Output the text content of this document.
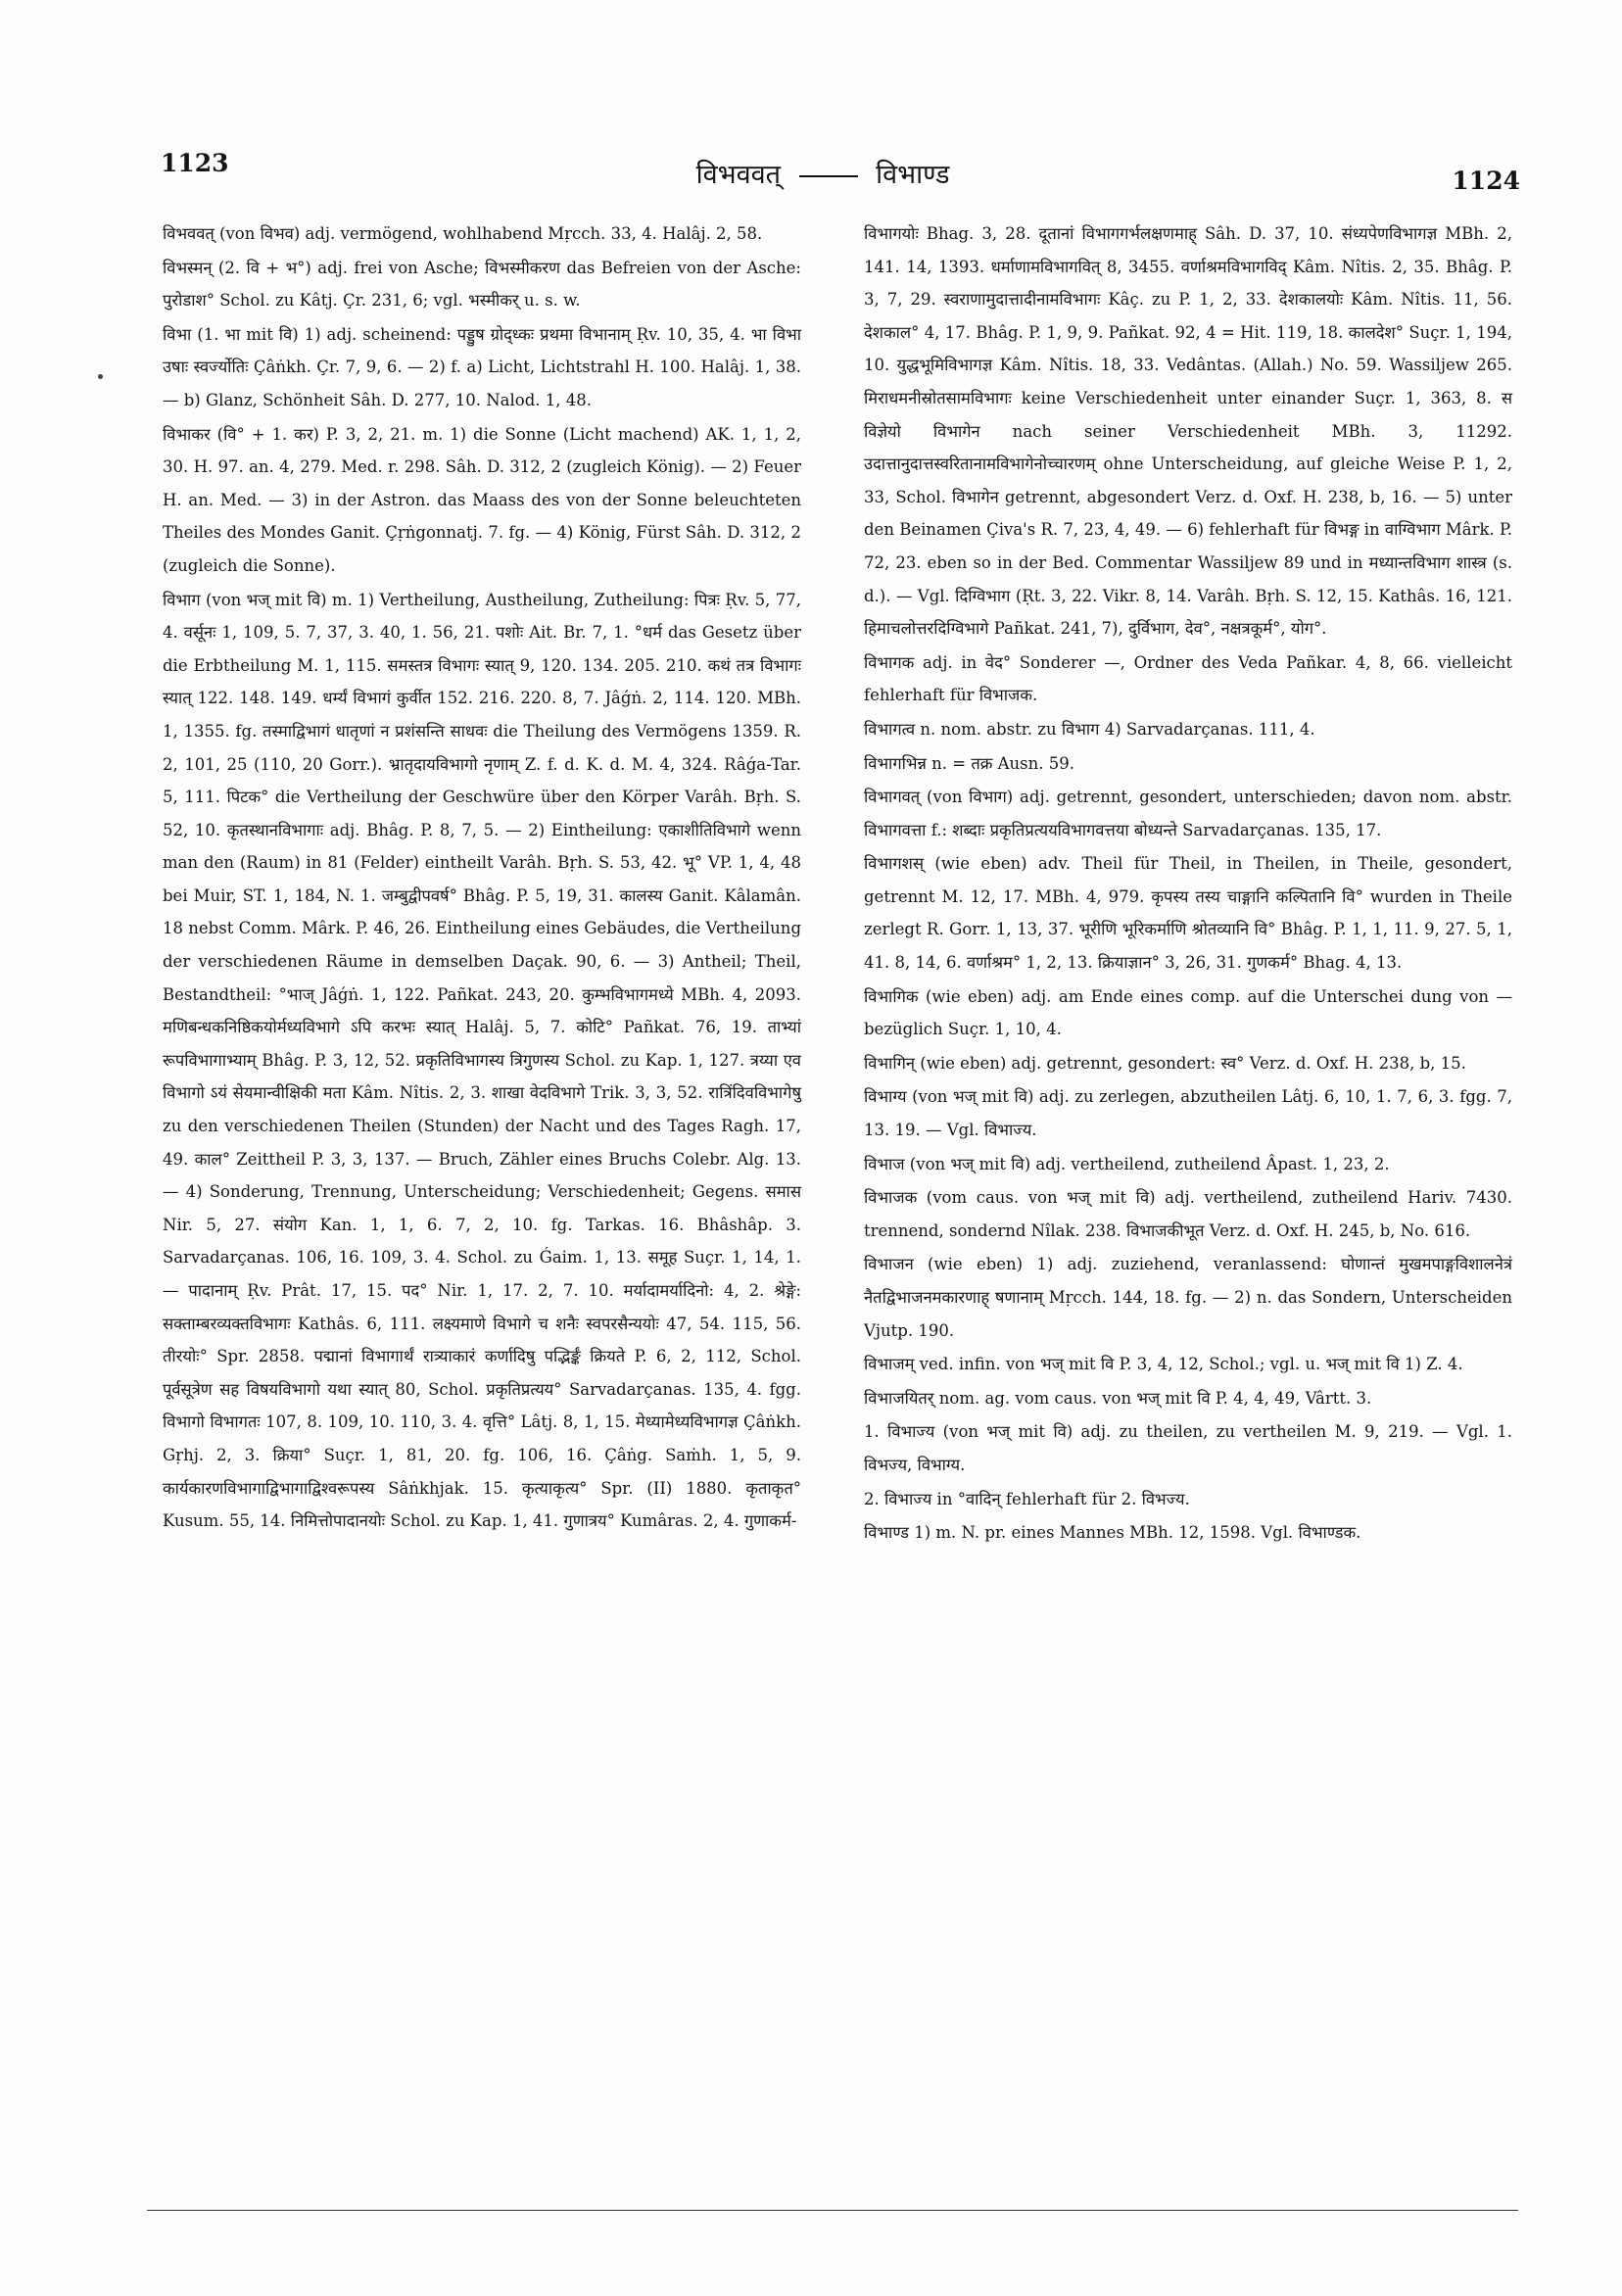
1123	विभववत्	विभाण्ड	1124

विभववत् (von विभव) adj. vermögend, wohlhabend Mṛcch. 33, 4. Halâj. 2, 58.

विभस्मन् (2. वि + भ°) adj. frei von Asche; विभस्मीकरण das Befreien von der Asche: पुरोडाश° Schol. zu Kâtj. Çr. 231, 6; vgl. भस्मीकर् u. s. w.

विभा (1. भा mit वि) 1) adj. scheinend: पड्डुष ग्रोद्ध्कः प्रथमा विभानाम् Ṛv. 10, 35, 4. भा विभा उषाः स्वर्ज्योतिः Çâṅkh. Çr. 7, 9, 6. — 2) f. a) Licht, Lichtstrahl H. 100. Halâj. 1, 38. — b) Glanz, Schönheit Sâh. D. 277, 10. Nalod. 1, 48.

विभाकर (वि° + 1. कर) P. 3, 2, 21. m. 1) die Sonne (Licht machend) AK. 1, 1, 2, 30. H. 97. an. 4, 279. Med. r. 298. Sâh. D. 312, 2 (zugleich König). — 2) Feuer H. an. Med. — 3) in der Astron. das Maass des von der Sonne beleuchteten Theiles des Mondes Ganit. Çṛṅgonnatj. 7. fg. — 4) König, Fürst Sâh. D. 312, 2 (zugleich die Sonne).

विभाग (von भज् mit वि) m. 1) Vertheilung, Austheilung, Zutheilung: पित्रः Ṛv. 5, 77, 4. वर्सूनः 1, 109, 5. 7, 37, 3. 40, 1. 56, 21. पशोः Ait. Br. 7, 1. °धर्म das Gesetz über die Erbtheilung M. 1, 115. समस्तत्र विभागः स्यात् 9, 120. 134. 205. 210. कथं तत्र विभागः स्यात् 122. 148. 149. धर्म्यं विभागं कुर्वीत 152. 216. 220. 8, 7. Jâǵṅ. 2, 114. 120. MBh. 1, 1355. fg. तस्माद्विभागं धातृणां न प्रशंसन्ति साधवः die Theilung des Vermögens 1359. R. 2, 101, 25 (110, 20 Gorr.). भ्रातृदायविभागो नृणाम् Z. f. d. K. d. M. 4, 324. Râǵa-Tar. 5, 111. पिटक° die Vertheilung der Geschwüre über den Körper Varâh. Bṛh. S. 52, 10. कृतस्थानविभागाः adj. Bhâg. P. 8, 7, 5. — 2) Eintheilung: एकाशीतिविभागे wenn man den (Raum) in 81 (Felder) eintheilt Varâh. Bṛh. S. 53, 42. भू° VP. 1, 4, 48 bei Muir, ST. 1, 184, N. 1. जम्बुद्वीपवर्ष° Bhâg. P. 5, 19, 31. कालस्य Ganit. Kâlamân. 18 nebst Comm. Mârk. P. 46, 26. Eintheilung eines Gebäudes, die Vertheilung der verschiedenen Räume in demselben Daçak. 90, 6. — 3) Antheil; Theil, Bestandtheil: °भाज् Jâǵṅ. 1, 122. Pañkat. 243, 20. कुम्भविभागमध्ये MBh. 4, 2093. मणिबन्धकनिष्ठिकयोर्मध्यविभागे ऽपि करभः स्यात् Halâj. 5, 7. कोटि° Pañkat. 76, 19. ताभ्यां रूपविभागाभ्याम् Bhâg. P. 3, 12, 52. प्रकृतिविभागस्य त्रिगुणस्य Schol. zu Kap. 1, 127. त्रय्या एव विभागो ऽयं सेयमान्वीक्षिकी मता Kâm. Nîtis. 2, 3. शाखा वेदविभागे Trik. 3, 3, 52. रात्रिंदिवविभागेषु zu den verschiedenen Theilen (Stunden) der Nacht und des Tages Ragh. 17, 49. काल° Zeittheil P. 3, 3, 137. — Bruch, Zähler eines Bruchs Colebr. Alg. 13. — 4) Sonderung, Trennung, Unterscheidung; Verschiedenheit; Gegens. समास Nir. 5, 27. संयोग Kan. 1, 1, 6. 7, 2, 10. fg. Tarkas. 16. Bhâshâp. 3. Sarvadarçanas. 106, 16. 109, 3. 4. Schol. zu Ǵaim. 1, 13. समूह Suçr. 1, 14, 1. — पादानाम् Ṛv. Prât. 17, 15. पद° Nir. 1, 17. 2, 7. 10. मर्यादामर्यादिनो: 4, 2. श्रेङ्गे: सक्ताम्बरव्यक्तविभागः Kathâs. 6, 111. लक्ष्यमाणे विभागे च शनैः स्वपरसैन्ययोः 47, 54. 115, 56. तीरयोः° Spr. 2858. पद्मानां विभागार्थं रात्र्याकारं कर्णादिषु पद्भिर्ङ्कं क्रियते P. 6, 2, 112, Schol. पूर्वसूत्रेण सह विषयविभागो यथा स्यात् 80, Schol. प्रकृतिप्रत्यय° Sarvadarçanas. 135, 4. fgg. विभागो विभागतः 107, 8. 109, 10. 110, 3. 4. वृत्ति° Lâtj. 8, 1, 15. मेध्यामेध्यविभागज्ञ Çâṅkh. Gṛhj. 2, 3. क्रिया° Suçr. 1, 81, 20. fg. 106, 16. Çâṅg. Saṁh. 1, 5, 9. कार्यकारणविभागाद्विभागाद्विश्वरूपस्य Sâṅkhjak. 15. कृत्याकृत्य° Spr. (II) 1880. कृताकृत° Kusum. 55, 14. निमित्तोपादानयोः Schol. zu Kap. 1, 41. गुणात्रय° Kumâras. 2, 4. गुणाकर्म-

विभागयोः Bhag. 3, 28. दूतानां विभागगर्भलक्षणमाह् Sâh. D. 37, 10. संध्यपेणविभागज्ञ MBh. 2, 141. 14, 1393. धर्माणामविभागवित् 8, 3455. वर्णाश्रमविभागविद् Kâm. Nîtis. 2, 35. Bhâg. P. 3, 7, 29. स्वराणामुदात्तादीनामविभागः Kâç. zu P. 1, 2, 33. देशकालयोः Kâm. Nîtis. 11, 56. देशकाल° 4, 17. Bhâg. P. 1, 9, 9. Pañkat. 92, 4 = Hit. 119, 18. कालदेश° Suçr. 1, 194, 10. युद्धभूमिविभागज्ञ Kâm. Nîtis. 18, 33. Vedântas. (Allah.) No. 59. Wassiljew 265. मिराधमनीस्रोतसामविभागः keine Verschiedenheit unter einander Suçr. 1, 363, 8. स विज्ञेयो विभागेन nach seiner Verschiedenheit MBh. 3, 11292. उदात्तानुदात्तस्वरितानामविभागेनोच्चारणम् ohne Unterscheidung, auf gleiche Weise P. 1, 2, 33, Schol. विभागेन getrennt, abgesondert Verz. d. Oxf. H. 238, b, 16. — 5) unter den Beinamen Çiva's R. 7, 23, 4, 49. — 6) fehlerhaft für विभङ्ग in वाग्विभाग Mârk. P. 72, 23. eben so in der Bed. Commentar Wassiljew 89 und in मध्यान्तविभाग शास्त्र (s. d.). — Vgl. दिग्विभाग (Ṛt. 3, 22. Vikr. 8, 14. Varâh. Bṛh. S. 12, 15. Kathâs. 16, 121. हिमाचलोत्तरदिग्विभागे Pañkat. 241, 7), दुर्विभाग, देव°, नक्षत्रकूर्म°, योग°.

विभागक adj. in वेद° Sonderer —, Ordner des Veda Pañkar. 4, 8, 66. vielleicht fehlerhaft für विभाजक.

विभागत्व n. nom. abstr. zu विभाग 4) Sarvadarçanas. 111, 4.

विभागभिन्न n. = तक्र Ausn. 59.

विभागवत् (von विभाग) adj. getrennt, gesondert, unterschieden; davon nom. abstr. विभागवत्ता f.: शब्दाः प्रकृतिप्रत्ययविभागवत्तया बोध्यन्ते Sarvadarçanas. 135, 17.

विभागशस् (wie eben) adv. Theil für Theil, in Theilen, in Theile, gesondert, getrennt M. 12, 17. MBh. 4, 979. कृपस्य तस्य चाङ्गानि कल्पितानि वि° wurden in Theile zerlegt R. Gorr. 1, 13, 37. भूरीणि भूरिकर्माणि श्रोतव्यानि वि° Bhâg. P. 1, 1, 11. 9, 27. 5, 1, 41. 8, 14, 6. वर्णाश्रम° 1, 2, 13. क्रियाज्ञान° 3, 26, 31. गुणकर्म° Bhag. 4, 13.

विभागिक (wie eben) adj. am Ende eines comp. auf die Unterschei dung von — bezüglich Suçr. 1, 10, 4.

विभागिन् (wie eben) adj. getrennt, gesondert: स्व° Verz. d. Oxf. H. 238, b, 15.

विभाग्य (von भज् mit वि) adj. zu zerlegen, abzutheilen Lâtj. 6, 10, 1. 7, 6, 3. fgg. 7, 13. 19. — Vgl. विभाज्य.

विभाज (von भज् mit वि) adj. vertheilend, zutheilend Âpast. 1, 23, 2.

विभाजक (vom caus. von भज् mit वि) adj. vertheilend, zutheilend Hariv. 7430. trennend, sondernd Nîlak. 238. विभाजकीभूत Verz. d. Oxf. H. 245, b, No. 616.

विभाजन (wie eben) 1) adj. zuziehend, veranlassend: घोणान्तं मुखमपाङ्गविशालनेत्रं नैतद्विभाजनमकारणाह् षणानाम् Mṛcch. 144, 18. fg. — 2) n. das Sondern, Unterscheiden Vjutp. 190.

विभाजम् ved. infin. von भज् mit वि P. 3, 4, 12, Schol.; vgl. u. भज् mit वि 1) Z. 4.

विभाजयितर् nom. ag. vom caus. von भज् mit वि P. 4, 4, 49, Vârtt. 3.

1. विभाज्य (von भज् mit वि) adj. zu theilen, zu vertheilen M. 9, 219. — Vgl. 1. विभज्य, विभाग्य.

2. विभाज्य in °वादिन् fehlerhaft für 2. विभज्य.

विभाण्ड 1) m. N. pr. eines Mannes MBh. 12, 1598. Vgl. विभाण्डक.
